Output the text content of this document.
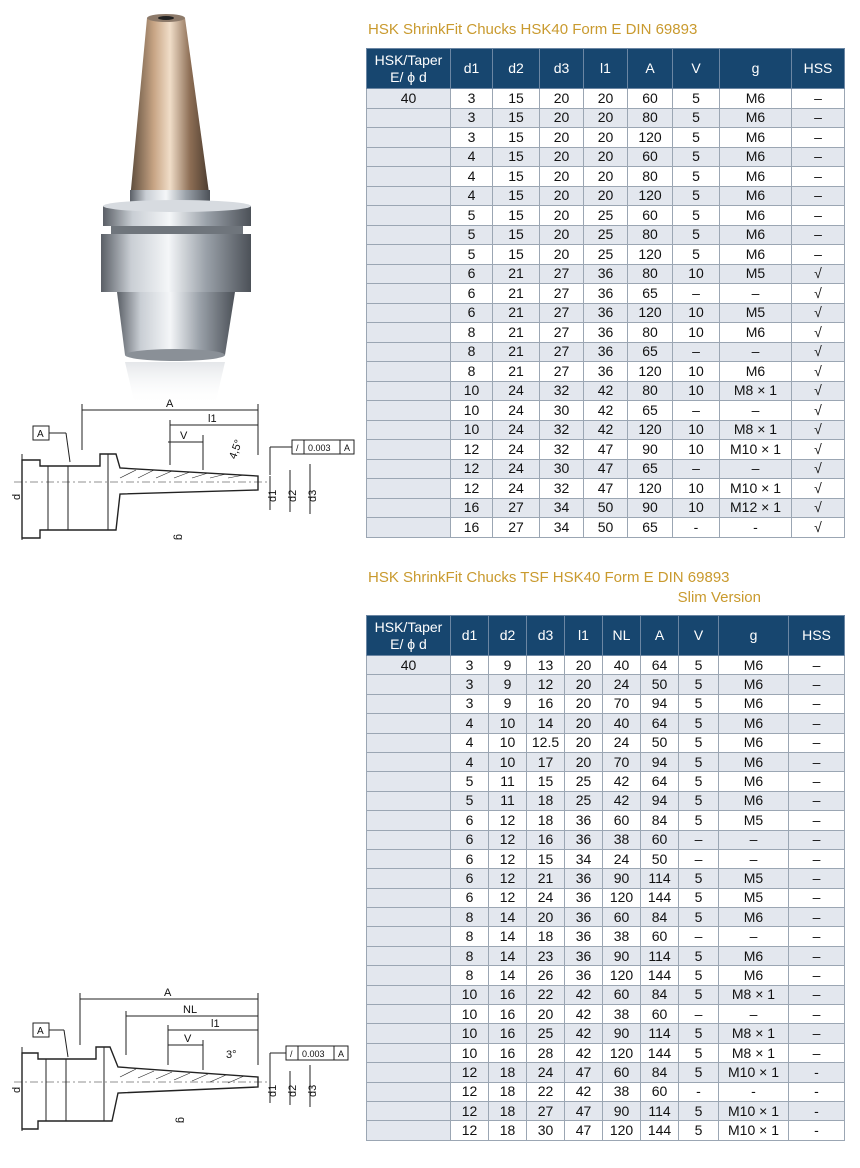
A
l1
V
4,5°	/ 0.003 A
A
d1 d2 d3
d
g
A
NL
l1
V
3°	/ 0.003 A
A
d1 d2 d3
d
g
HSK ShrinkFit Chucks HSK40 Form E DIN 69893
HSK/Taper
E/ ϕ d	d1	d2	d3	l1	A	V	g	HSS
40	3	15	20	20	60	5	M6	–
	3	15	20	20	80	5	M6	–
	3	15	20	20	120	5	M6	–
	4	15	20	20	60	5	M6	–
	4	15	20	20	80	5	M6	–
	4	15	20	20	120	5	M6	–
	5	15	20	25	60	5	M6	–
	5	15	20	25	80	5	M6	–
	5	15	20	25	120	5	M6	–
	6	21	27	36	80	10	M5	√
	6	21	27	36	65	–	–	√
	6	21	27	36	120	10	M5	√
	8	21	27	36	80	10	M6	√
	8	21	27	36	65	–	–	√
	8	21	27	36	120	10	M6	√
	10	24	32	42	80	10	M8 × 1	√
	10	24	30	42	65	–	–	√
	10	24	32	42	120	10	M8 × 1	√
	12	24	32	47	90	10	M10 × 1	√
	12	24	30	47	65	–	–	√
	12	24	32	47	120	10	M10 × 1	√
	16	27	34	50	90	10	M12 × 1	√
	16	27	34	50	65	-	-	√
HSK ShrinkFit Chucks TSF HSK40 Form E DIN 69893
Slim Version
HSK/Taper
E/ ϕ d	d1	d2	d3	l1	NL	A	V	g	HSS
40	3	9	13	20	40	64	5	M6	–
	3	9	12	20	24	50	5	M6	–
	3	9	16	20	70	94	5	M6	–
	4	10	14	20	40	64	5	M6	–
	4	10	12.5	20	24	50	5	M6	–
	4	10	17	20	70	94	5	M6	–
	5	11	15	25	42	64	5	M6	–
	5	11	18	25	42	94	5	M6	–
	6	12	18	36	60	84	5	M5	–
	6	12	16	36	38	60	–	–	–
	6	12	15	34	24	50	–	–	–
	6	12	21	36	90	114	5	M5	–
	6	12	24	36	120	144	5	M5	–
	8	14	20	36	60	84	5	M6	–
	8	14	18	36	38	60	–	–	–
	8	14	23	36	90	114	5	M6	–
	8	14	26	36	120	144	5	M6	–
	10	16	22	42	60	84	5	M8 × 1	–
	10	16	20	42	38	60	–	–	–
	10	16	25	42	90	114	5	M8 × 1	–
	10	16	28	42	120	144	5	M8 × 1	–
	12	18	24	47	60	84	5	M10 × 1	-
	12	18	22	42	38	60	-	-	-
	12	18	27	47	90	114	5	M10 × 1	-
	12	18	30	47	120	144	5	M10 × 1	-
